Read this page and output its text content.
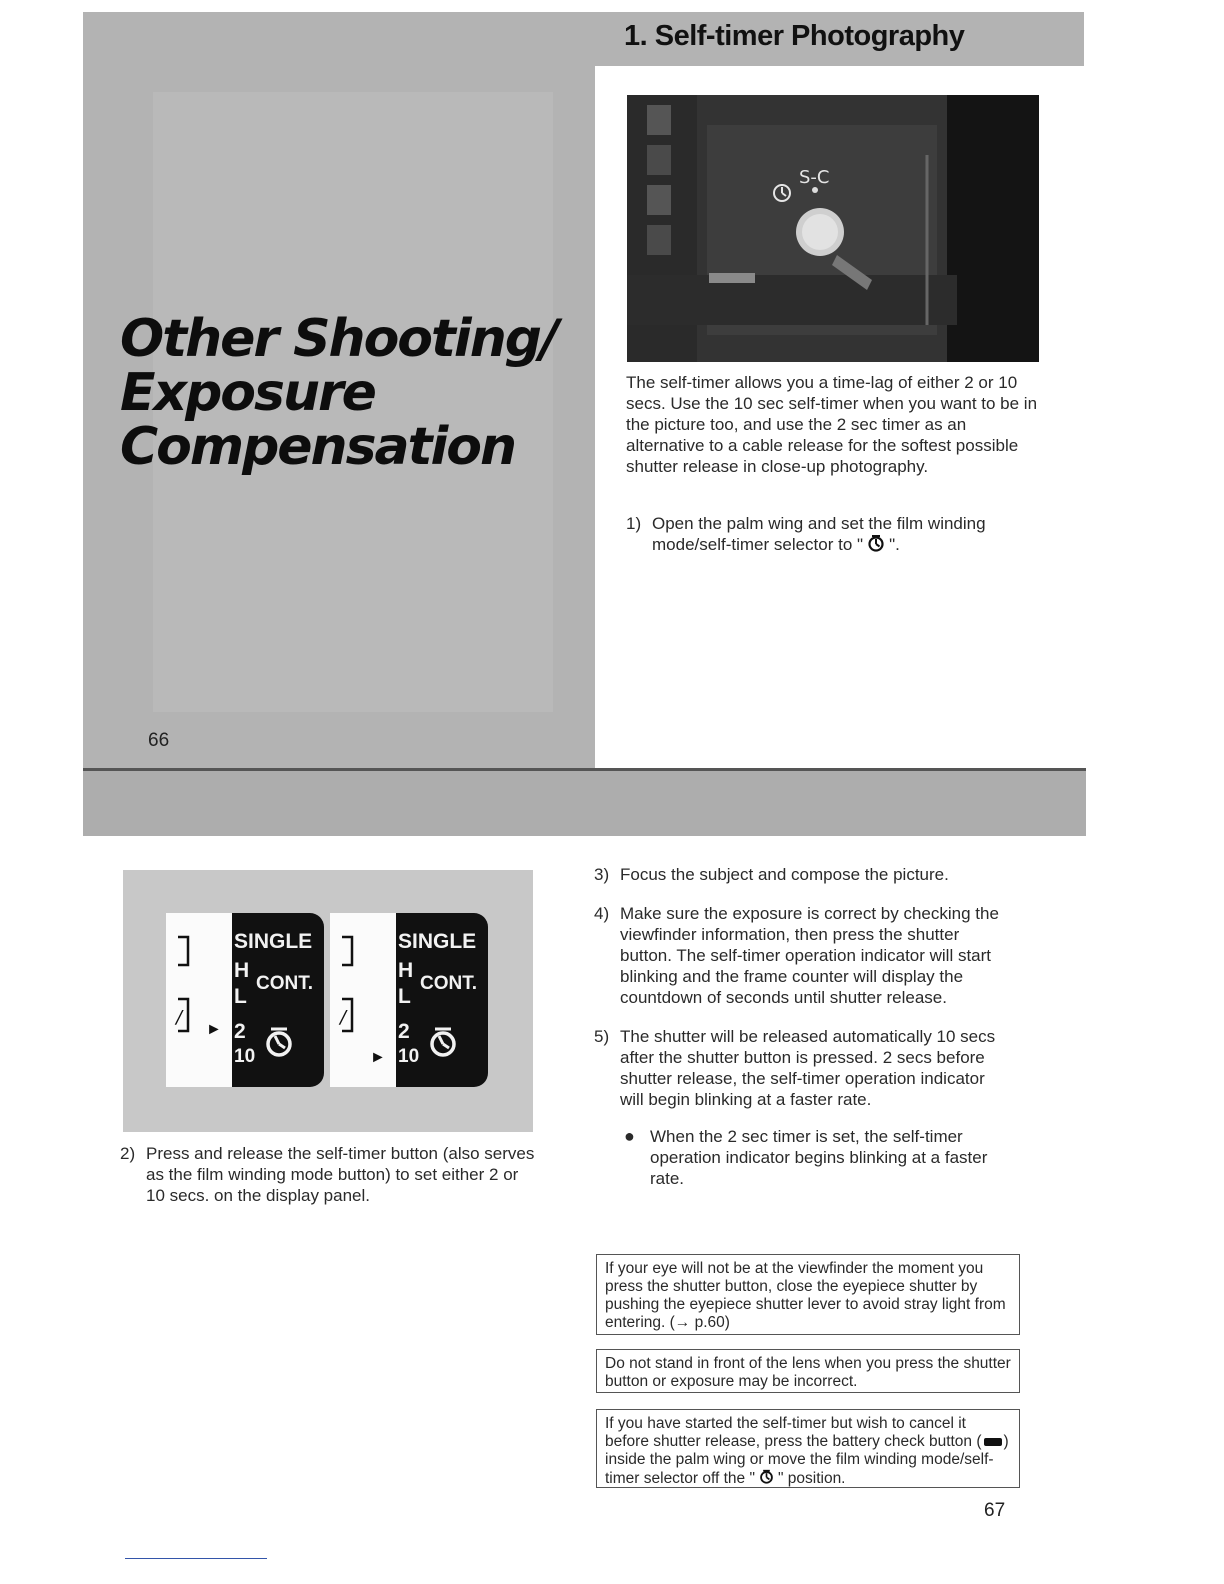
Other Shooting/
Exposure
Compensation
66
1. Self-timer Photography
S-C

The self-timer allows you a time-lag of either 2 or 10 secs. Use the 10 sec self-timer when you want to be in the picture too, and use the 2 sec timer as an alternative to a cable release for the softest possible shutter release in close-up photography.

1) Open the palm wing and set the film winding mode/self-timer selector to " ".
/
►
SINGLE
H
CONT.
L
2
10
/
►
SINGLE
H
CONT.
L
2
10
2) Press and release the self-timer button (also serves as the film winding mode button) to set either 2 or 10 secs. on the display panel.
3) Focus the subject and compose the picture.
4) Make sure the exposure is correct by checking the viewfinder information, then press the shutter button. The self-timer operation indicator will start blinking and the frame counter will display the countdown of seconds until shutter release.
5) The shutter will be released automatically 10 secs after the shutter button is pressed. 2 secs before shutter release, the self-timer operation indicator will begin blinking at a faster rate.
● When the 2 sec timer is set, the self-timer operation indicator begins blinking at a faster rate.
If your eye will not be at the viewfinder the moment you press the shutter button, close the eyepiece shutter by pushing the eyepiece shutter lever to avoid stray light from entering. (→ p.60)
Do not stand in front of the lens when you press the shutter button or exposure may be incorrect.
If you have started the self-timer but wish to cancel it before shutter release, press the battery check button ( ) inside the palm wing or move the film winding mode/self-timer selector off the " " position.
67
